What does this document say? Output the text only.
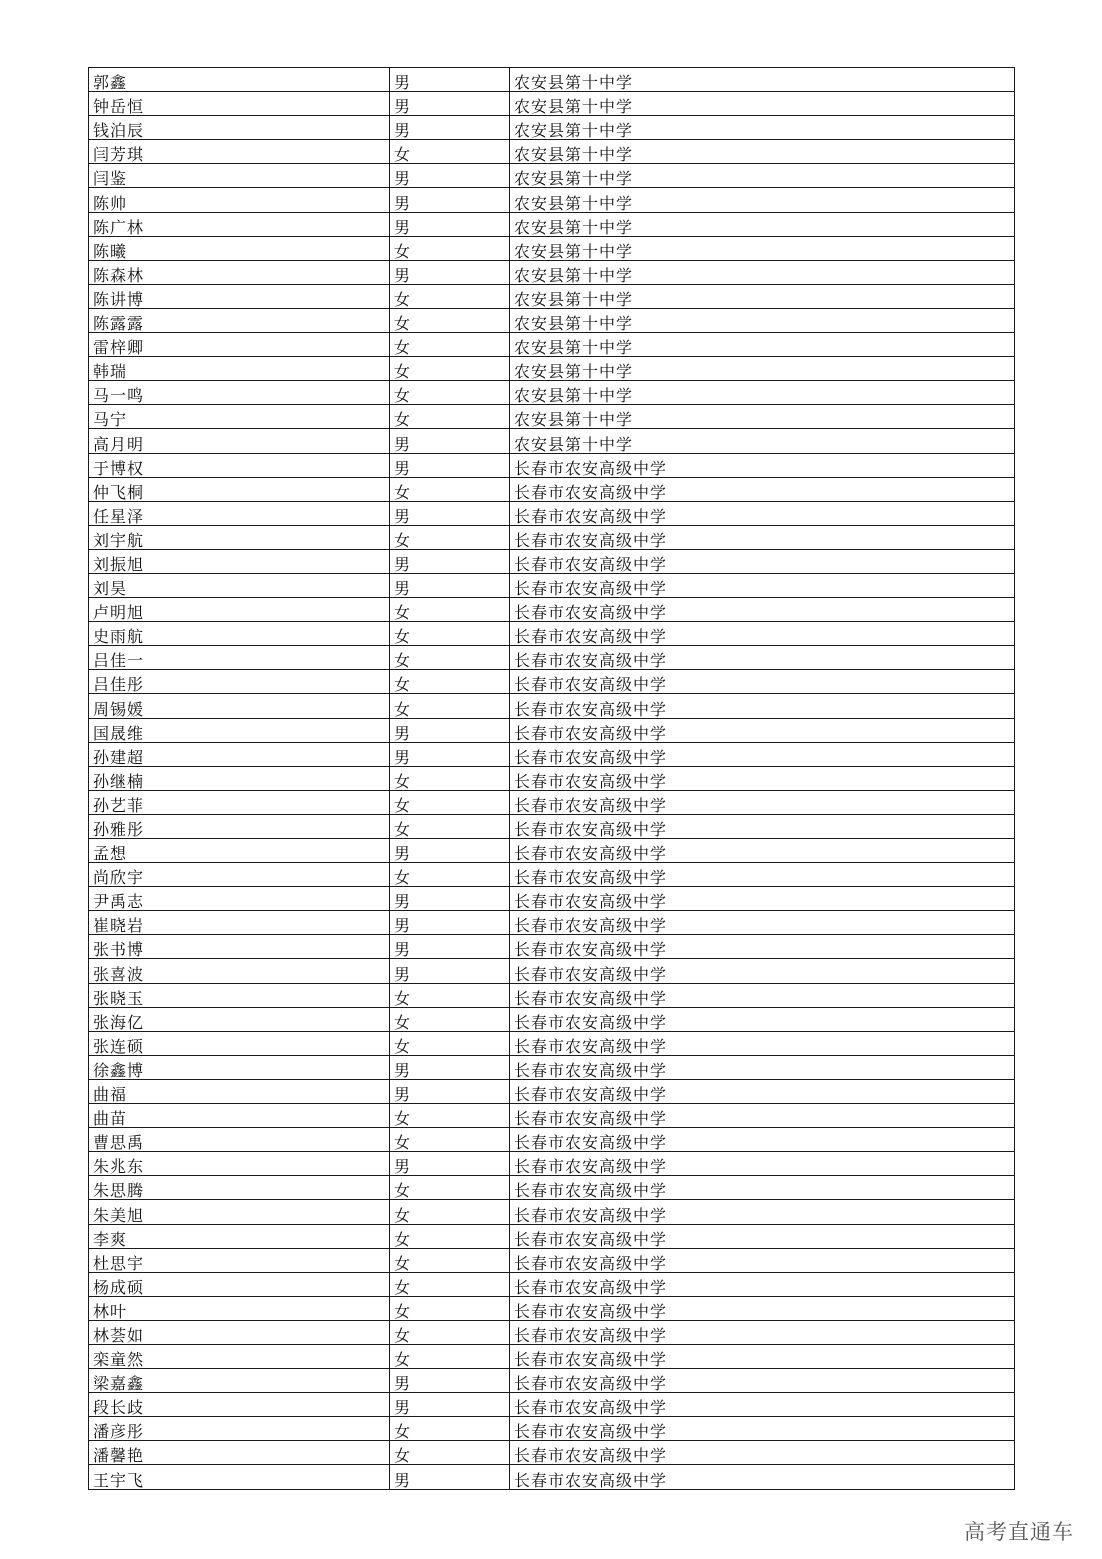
郭鑫	男	农安县第十中学
钟岳恒	男	农安县第十中学
钱泊辰	男	农安县第十中学
闫芳琪	女	农安县第十中学
闫鉴	男	农安县第十中学
陈帅	男	农安县第十中学
陈广林	男	农安县第十中学
陈曦	女	农安县第十中学
陈森林	男	农安县第十中学
陈讲博	女	农安县第十中学
陈露露	女	农安县第十中学
雷梓卿	女	农安县第十中学
韩瑞	女	农安县第十中学
马一鸣	女	农安县第十中学
马宁	女	农安县第十中学
高月明	男	农安县第十中学
于博权	男	长春市农安高级中学
仲飞桐	女	长春市农安高级中学
任星泽	男	长春市农安高级中学
刘宇航	女	长春市农安高级中学
刘振旭	男	长春市农安高级中学
刘昊	男	长春市农安高级中学
卢明旭	女	长春市农安高级中学
史雨航	女	长春市农安高级中学
吕佳一	女	长春市农安高级中学
吕佳彤	女	长春市农安高级中学
周锡媛	女	长春市农安高级中学
国晟维	男	长春市农安高级中学
孙建超	男	长春市农安高级中学
孙继楠	女	长春市农安高级中学
孙艺菲	女	长春市农安高级中学
孙雅彤	女	长春市农安高级中学
孟想	男	长春市农安高级中学
尚欣宇	女	长春市农安高级中学
尹禹志	男	长春市农安高级中学
崔晓岩	男	长春市农安高级中学
张书博	男	长春市农安高级中学
张喜波	男	长春市农安高级中学
张晓玉	女	长春市农安高级中学
张海亿	女	长春市农安高级中学
张连硕	女	长春市农安高级中学
徐鑫博	男	长春市农安高级中学
曲福	男	长春市农安高级中学
曲苗	女	长春市农安高级中学
曹思禹	女	长春市农安高级中学
朱兆东	男	长春市农安高级中学
朱思腾	女	长春市农安高级中学
朱美旭	女	长春市农安高级中学
李爽	女	长春市农安高级中学
杜思宇	女	长春市农安高级中学
杨成硕	女	长春市农安高级中学
林叶	女	长春市农安高级中学
林荟如	女	长春市农安高级中学
栾童然	女	长春市农安高级中学
梁嘉鑫	男	长春市农安高级中学
段长歧	男	长春市农安高级中学
潘彦彤	女	长春市农安高级中学
潘馨艳	女	长春市农安高级中学
王宇飞	男	长春市农安高级中学
高考直通车
